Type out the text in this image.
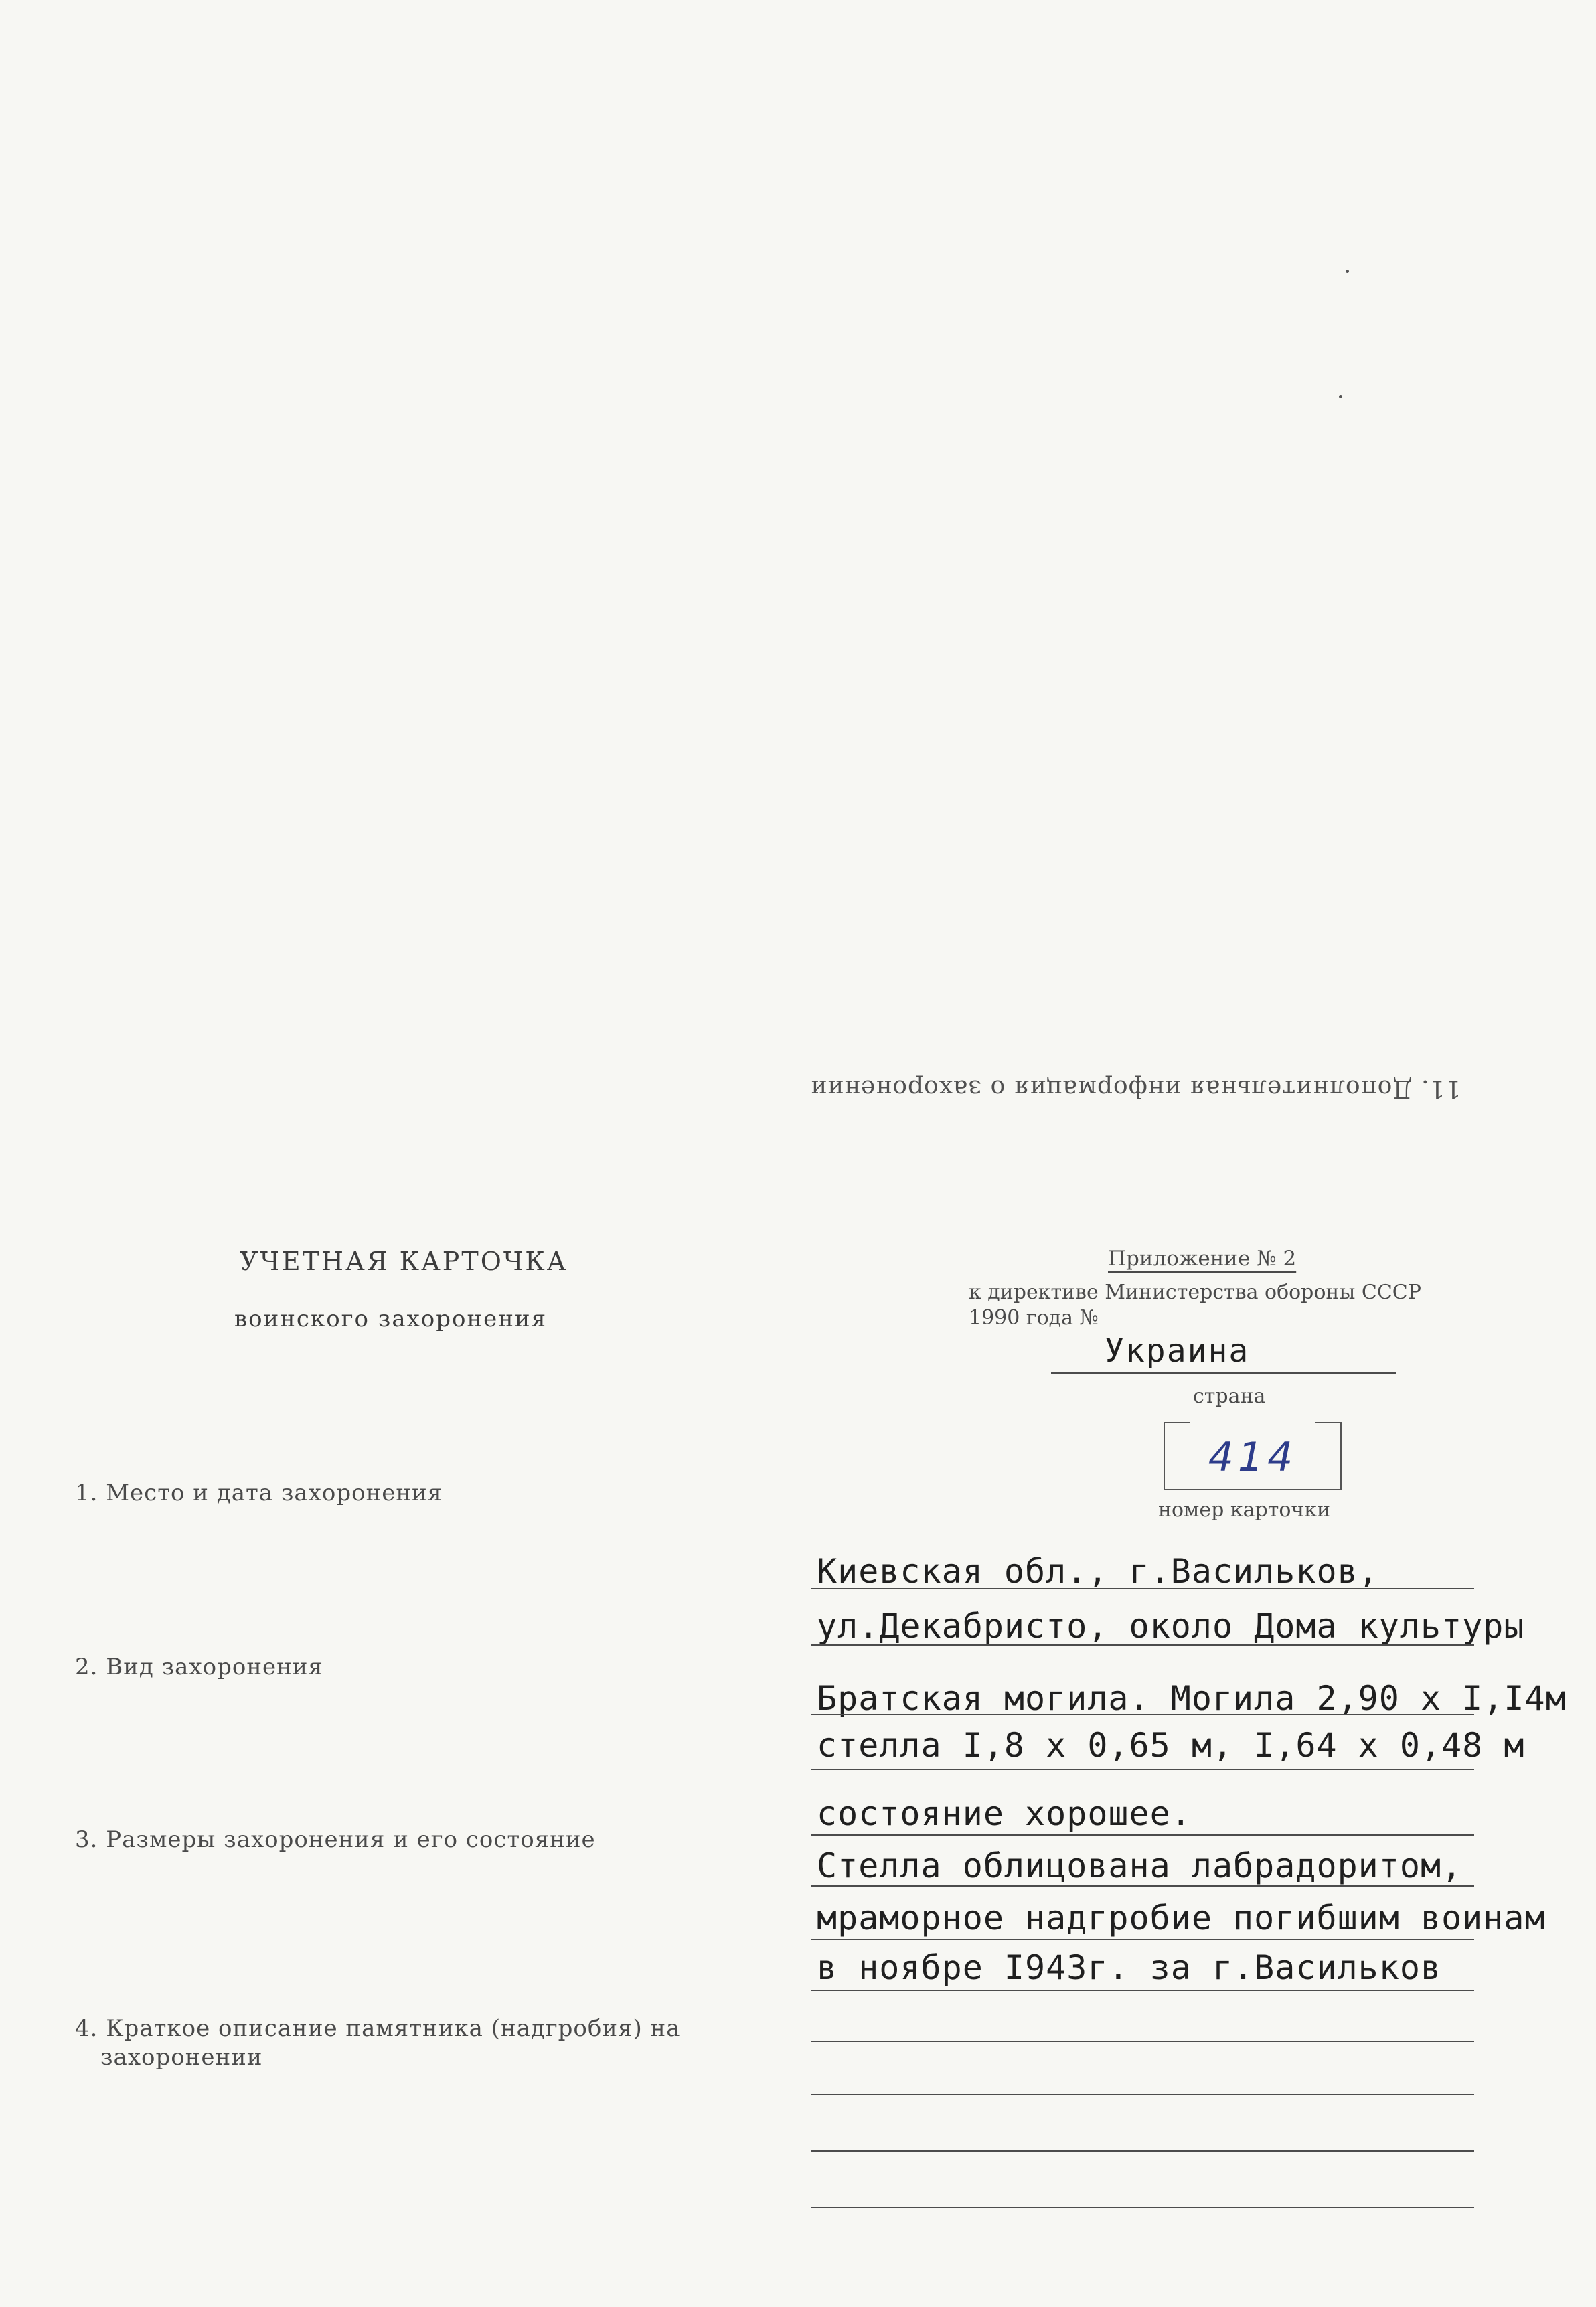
11. Дополнительная информация о захоронении
УЧЕТНАЯ КАРТОЧКА
воинского захоронения
Приложение № 2
к директиве Министерства обороны СССР
1990 года №
Украина
страна
414
номер карточки
1. Место и дата захоронения
2. Вид захоронения
3. Размеры захоронения и его состояние
4. Краткое описание памятника (надгробия) на
захоронении
Киевская обл., г.Васильков,
ул.Декабристо, около Дома культуры
Братская могила. Могила 2,90 х I,I4м
стелла I,8 х 0,65 м, I,64 х 0,48 м
состояние хорошее.
Стелла облицована лабрадоритом,
мраморное надгробие погибшим воинам
в ноябре I943г. за г.Васильков
